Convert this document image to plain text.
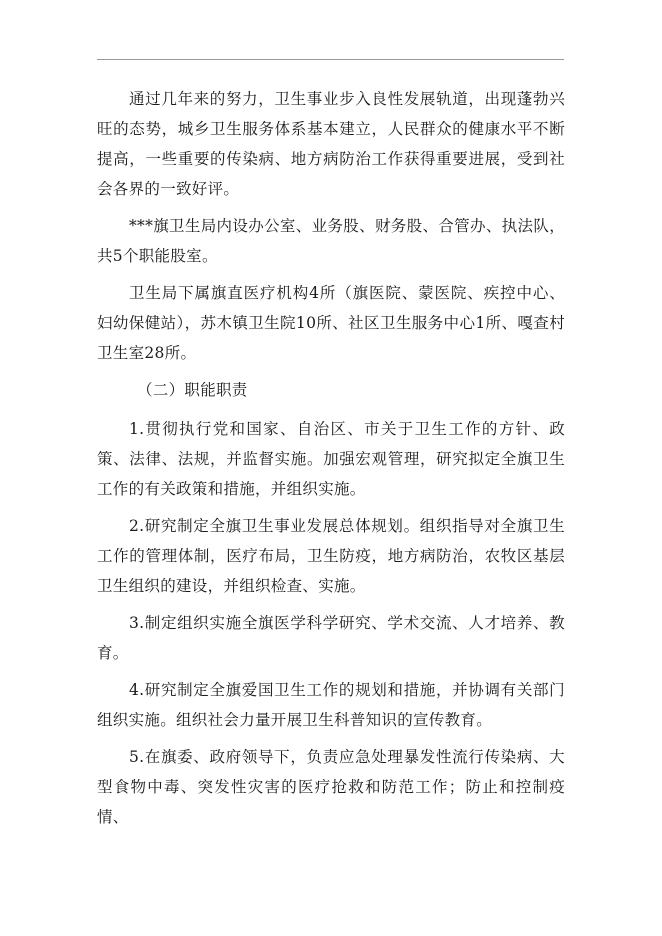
通过几年来的努力，卫生事业步入良性发展轨道，出现蓬勃兴旺的态势，城乡卫生服务体系基本建立，人民群众的健康水平不断提高，一些重要的传染病、地方病防治工作获得重要进展，受到社会各界的一致好评。

***旗卫生局内设办公室、业务股、财务股、合管办、执法队，共5个职能股室。

卫生局下属旗直医疗机构4所（旗医院、蒙医院、疾控中心、妇幼保健站），苏木镇卫生院10所、社区卫生服务中心1所、嘎查村卫生室28所。

（二）职能职责

1.贯彻执行党和国家、自治区、市关于卫生工作的方针、政策、法律、法规，并监督实施。加强宏观管理，研究拟定全旗卫生工作的有关政策和措施，并组织实施。

2.研究制定全旗卫生事业发展总体规划。组织指导对全旗卫生工作的管理体制，医疗布局，卫生防疫，地方病防治，农牧区基层卫生组织的建设，并组织检查、实施。

3.制定组织实施全旗医学科学研究、学术交流、人才培养、教育。

4.研究制定全旗爱国卫生工作的规划和措施，并协调有关部门组织实施。组织社会力量开展卫生科普知识的宣传教育。

5.在旗委、政府领导下，负责应急处理暴发性流行传染病、大型食物中毒、突发性灾害的医疗抢救和防范工作；防止和控制疫情、
